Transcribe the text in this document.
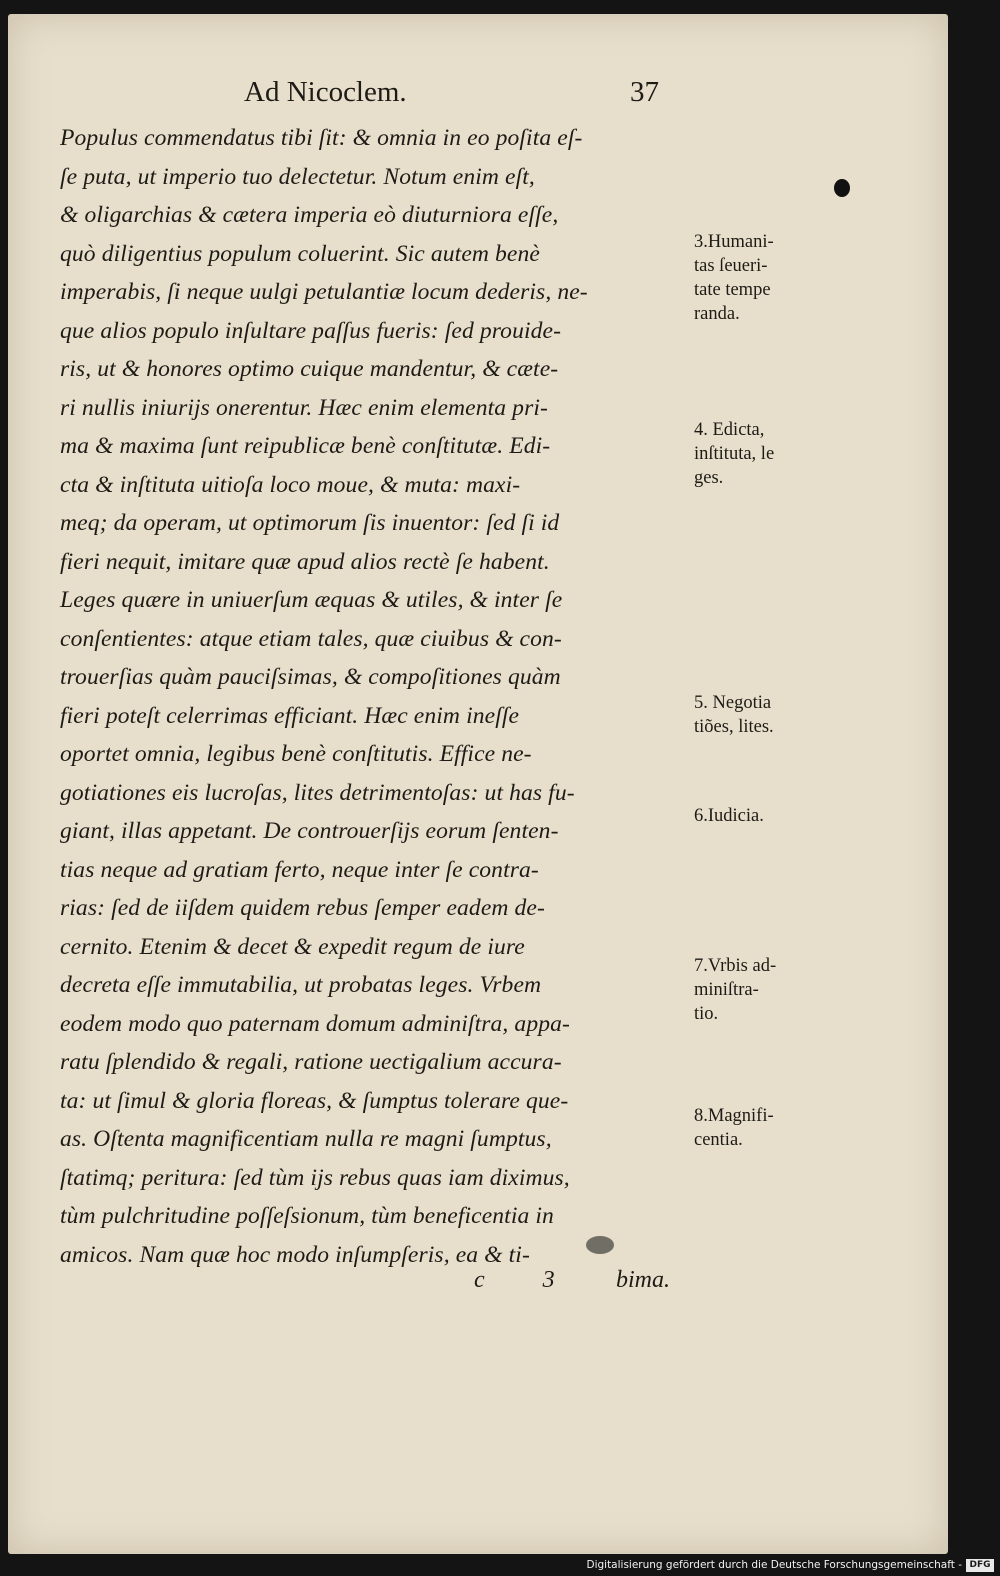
Ad Nicoclem.	37
Populus commendatus tibi ſit: & omnia in eo poſita eſ-
ſe puta, ut imperio tuo delectetur. Notum enim eſt,
& oligarchias & cætera imperia eò diuturniora eſſe,
quò diligentius populum coluerint. Sic autem benè
imperabis, ſi neque uulgi petulantiæ locum dederis, ne-
que alios populo inſultare paſſus fueris: ſed prouide-
ris, ut & honores optimo cuique mandentur, & cæte-
ri nullis iniurijs onerentur. Hæc enim elementa pri-
ma & maxima ſunt reipublicæ benè conſtitutæ. Edi-
cta & inſtituta uitioſa loco moue, & muta: maxi-
meq; da operam, ut optimorum ſis inuentor: ſed ſi id
fieri nequit, imitare quæ apud alios rectè ſe habent.
Leges quære in uniuerſum æquas & utiles, & inter ſe
conſentientes: atque etiam tales, quæ ciuibus & con-
trouerſias quàm pauciſsimas, & compoſitiones quàm
fieri poteſt celerrimas efficiant. Hæc enim ineſſe
oportet omnia, legibus benè conſtitutis. Effice ne-
gotiationes eis lucroſas, lites detrimentoſas: ut has fu-
giant, illas appetant. De controuerſijs eorum ſenten-
tias neque ad gratiam ferto, neque inter ſe contra-
rias: ſed de iiſdem quidem rebus ſemper eadem de-
cernito. Etenim & decet & expedit regum de iure
decreta eſſe immutabilia, ut probatas leges. Vrbem
eodem modo quo paternam domum adminiſtra, appa-
ratu ſplendido & regali, ratione uectigalium accura-
ta: ut ſimul & gloria floreas, & ſumptus tolerare que-
as. Oſtenta magnificentiam nulla re magni ſumptus,
ſtatimq; peritura: ſed tùm ijs rebus quas iam diximus,
tùm pulchritudine poſſeſsionum, tùm beneficentia in
amicos. Nam quæ hoc modo inſumpſeris, ea & ti-
3.Humani-
tas ſeueri-
tate tempe
randa.
4. Edicta,
inſtituta, le
ges.
5. Negotia
tiões, lites.
6.Iudicia.
7.Vrbis ad-
miniſtra-
tio.
8.Magnifi-
centia.
c 3 bima.
Digitalisierung gefördert durch die Deutsche Forschungsgemeinschaft - DFG
